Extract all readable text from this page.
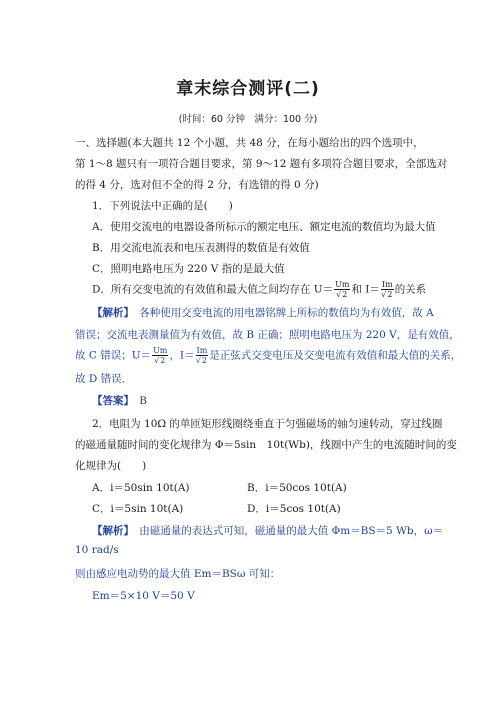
章末综合测评(二)
(时间：60 分钟　满分：100 分)
一、选择题(本大题共 12 个小题，共 48 分，在每小题给出的四个选项中，
第 1～8 题只有一项符合题目要求，第 9～12 题有多项符合题目要求，全部选对
的得 4 分，选对但不全的得 2 分，有选错的得 0 分)
1．下列说法中正确的是(　　)
A．使用交流电的电器设备所标示的额定电压、额定电流的数值均为最大值
B．用交流电流表和电压表测得的数值是有效值
C．照明电路电压为 220 V 指的是最大值
D．所有交变电流的有效值和最大值之间均存在 $U= \frac{Um}{√2}$ 和 $I= \frac{Im}{√2}$ 的关系
【解析】　 各种使用交变电流的用电器铭牌上所标的数值均为有效值，故 A
错误；交流电表测量值为有效值，故 B 正确；照明电路电压为 220 V，是有效值，
故 C 错误；$U= \frac{Um}{√2}$ ，$I= \frac{Im}{√2}$ 是正弦式交变电压及交变电流有效值和最大值的关系，
故 D 错误．
【答案】　 B
2．电阻为 10Ω 的单匝矩形线圈绕垂直于匀强磁场的轴匀速转动，穿过线圈
的磁通量随时间的变化规律为 Φ＝5sin　10t(Wb)，线圈中产生的电流随时间的变
化规律为(　　)
A．i＝50sin 10t(A)	B．i＝50cos 10t(A)
C．i＝5sin 10t(A)	D．i＝5cos 10t(A)
【解析】　 由磁通量的表达式可知，磁通量的最大值 Φm＝BS＝5 Wb，ω＝
10 rad/s
则由感应电动势的最大值 Em＝BSω 可知：
Em＝5×10 V＝50 V
